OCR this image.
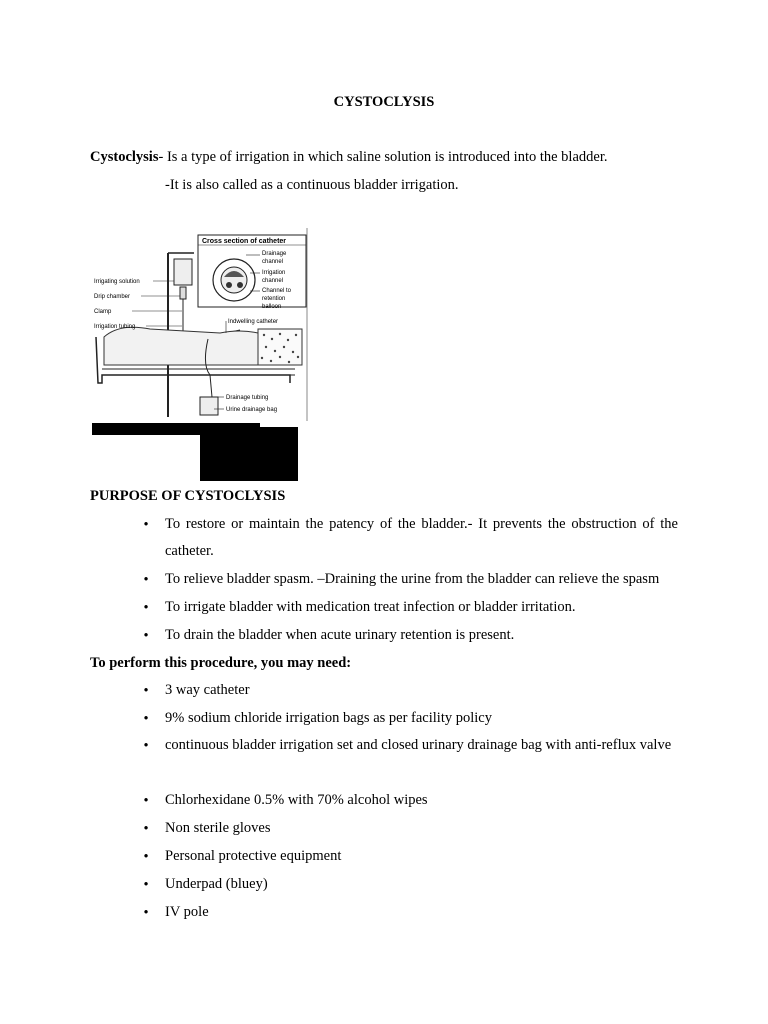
CYSTOCLYSIS
Cystoclysis- Is a type of irrigation in which saline solution is introduced into the bladder.
-It is also called as a continuous bladder irrigation.
Cross section of catheter
Drainage
channel
Irrigation
channel
Channel to
retention
balloon
Irrigating solution
Drip chamber
Clamp
Irrigation tubing
Indwelling catheter
Drainage tubing
Urine drainage bag
PURPOSE OF CYSTOCLYSIS
• To restore or maintain the patency of the bladder.- It prevents the obstruction of the catheter.
• To relieve bladder spasm. –Draining the urine from the bladder can relieve the spasm
• To irrigate bladder with medication treat infection or bladder irritation.
• To drain the bladder when acute urinary retention is present.
To perform this procedure, you may need:
• 3 way catheter
• 9% sodium chloride irrigation bags as per facility policy
• continuous bladder irrigation set and closed urinary drainage bag with anti-reflux valve
• Chlorhexidane 0.5% with 70% alcohol wipes
• Non sterile gloves
• Personal protective equipment
• Underpad (bluey)
• IV pole
